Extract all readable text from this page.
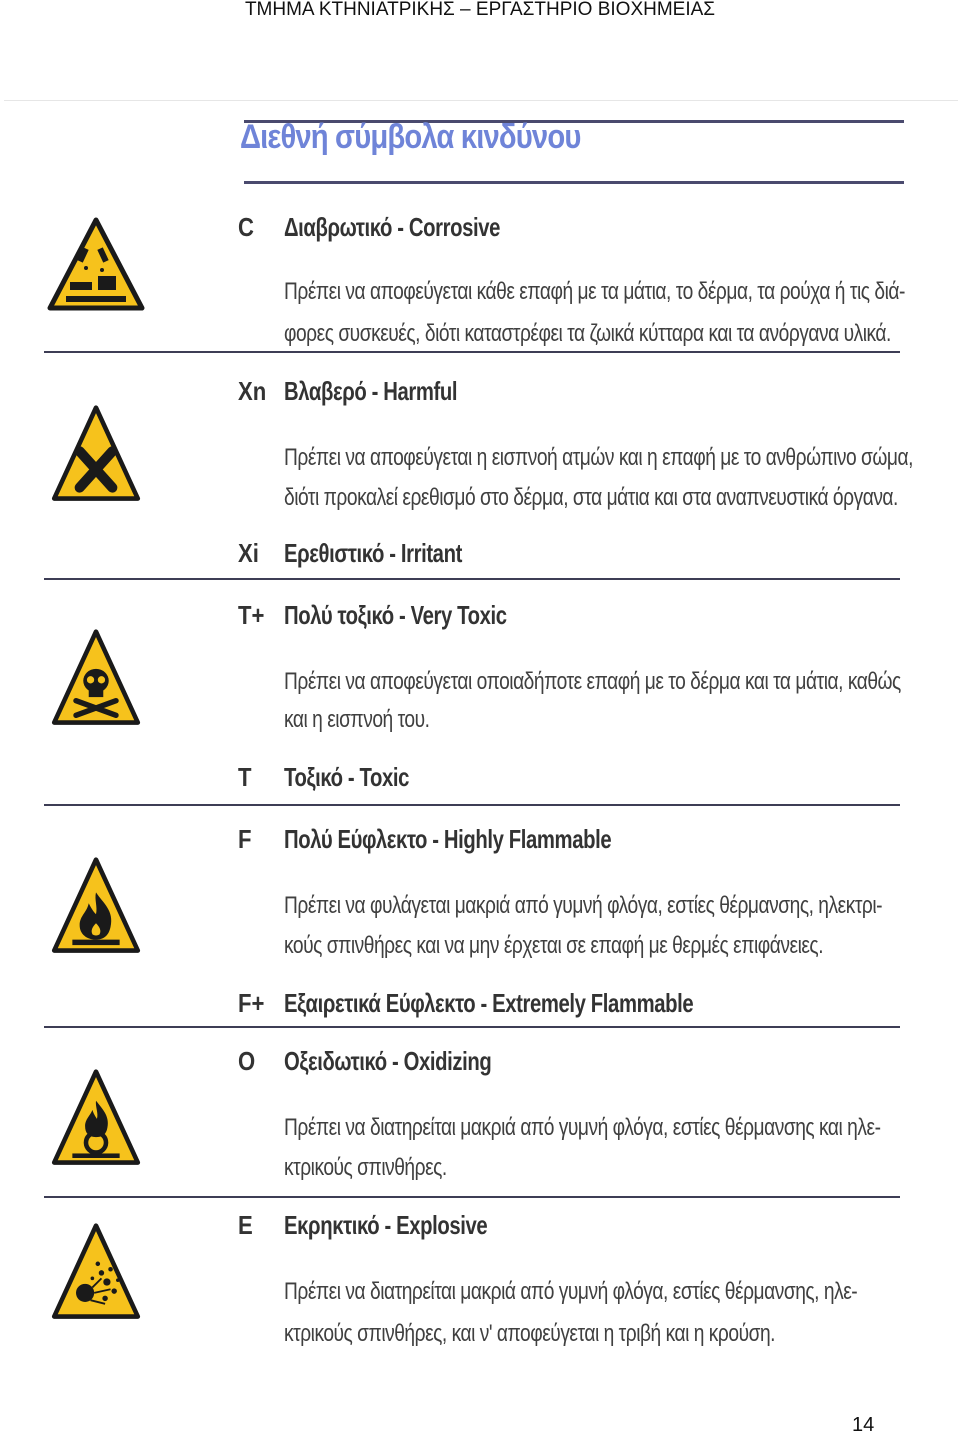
ΤΜΗΜΑ ΚΤΗΝΙΑΤΡΙΚΗΣ – ΕΡΓΑΣΤΗΡΙΟ ΒΙΟΧΗΜΕΙΑΣ
Διεθνή σύμβολα κινδύνου
C Διαβρωτικό - Corrosive
Πρέπει να αποφεύγεται κάθε επαφή με τα μάτια, το δέρμα, τα ρούχα ή τις διά-
φορες συσκευές, διότι καταστρέφει τα ζωικά κύτταρα και τα ανόργανα υλικά.
Xn Βλαβερό - Harmful
Πρέπει να αποφεύγεται η εισπνοή ατμών και η επαφή με το ανθρώπινο σώμα,
διότι προκαλεί ερεθισμό στο δέρμα, στα μάτια και στα αναπνευστικά όργανα.
Xi Ερεθιστικό - Irritant
T+ Πολύ τοξικό - Very Toxic
Πρέπει να αποφεύγεται οποιαδήποτε επαφή με το δέρμα και τα μάτια, καθώς
και η εισπνοή του.
T Τοξικό - Toxic
F Πολύ Εύφλεκτο - Highly Flammable
Πρέπει να φυλάγεται μακριά από γυμνή φλόγα, εστίες θέρμανσης, ηλεκτρι-
κούς σπινθήρες και να μην έρχεται σε επαφή με θερμές επιφάνειες.
F+ Εξαιρετικά Εύφλεκτο - Extremely Flammable
O Οξειδωτικό - Oxidizing
Πρέπει να διατηρείται μακριά από γυμνή φλόγα, εστίες θέρμανσης και ηλε-
κτρικούς σπινθήρες.
E Εκρηκτικό - Explosive
Πρέπει να διατηρείται μακριά από γυμνή φλόγα, εστίες θέρμανσης, ηλε-
κτρικούς σπινθήρες, και ν' αποφεύγεται η τριβή και η κρούση.
14
